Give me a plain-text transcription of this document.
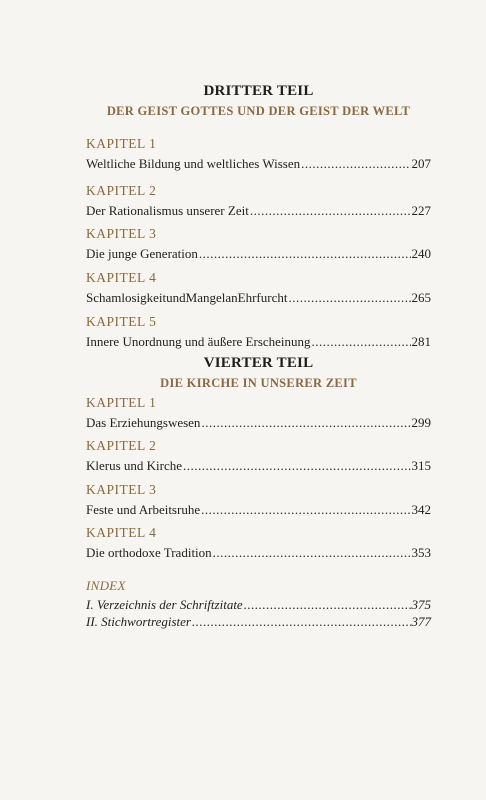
DRITTER TEIL
DER GEIST GOTTES UND DER GEIST DER WELT
KAPITEL 1
Weltliche Bildung und weltliches Wissen .....	207
KAPITEL 2
Der Rationalismus unserer Zeit .....	227
KAPITEL 3
Die junge Generation .....	240
KAPITEL 4
SchamlosigkeitundMangelanEhrfurcht .....	265
KAPITEL 5
Innere Unordnung und äußere Erscheinung .....	281
VIERTER TEIL
DIE KIRCHE IN UNSERER ZEIT
KAPITEL 1
Das Erziehungswesen .....	299
KAPITEL 2
Klerus und Kirche .....	315
KAPITEL 3
Feste und Arbeitsruhe .....	342
KAPITEL 4
Die orthodoxe Tradition .....	353
INDEX
I. Verzeichnis der Schriftzitate .....	375
II. Stichwortregister .....	377
